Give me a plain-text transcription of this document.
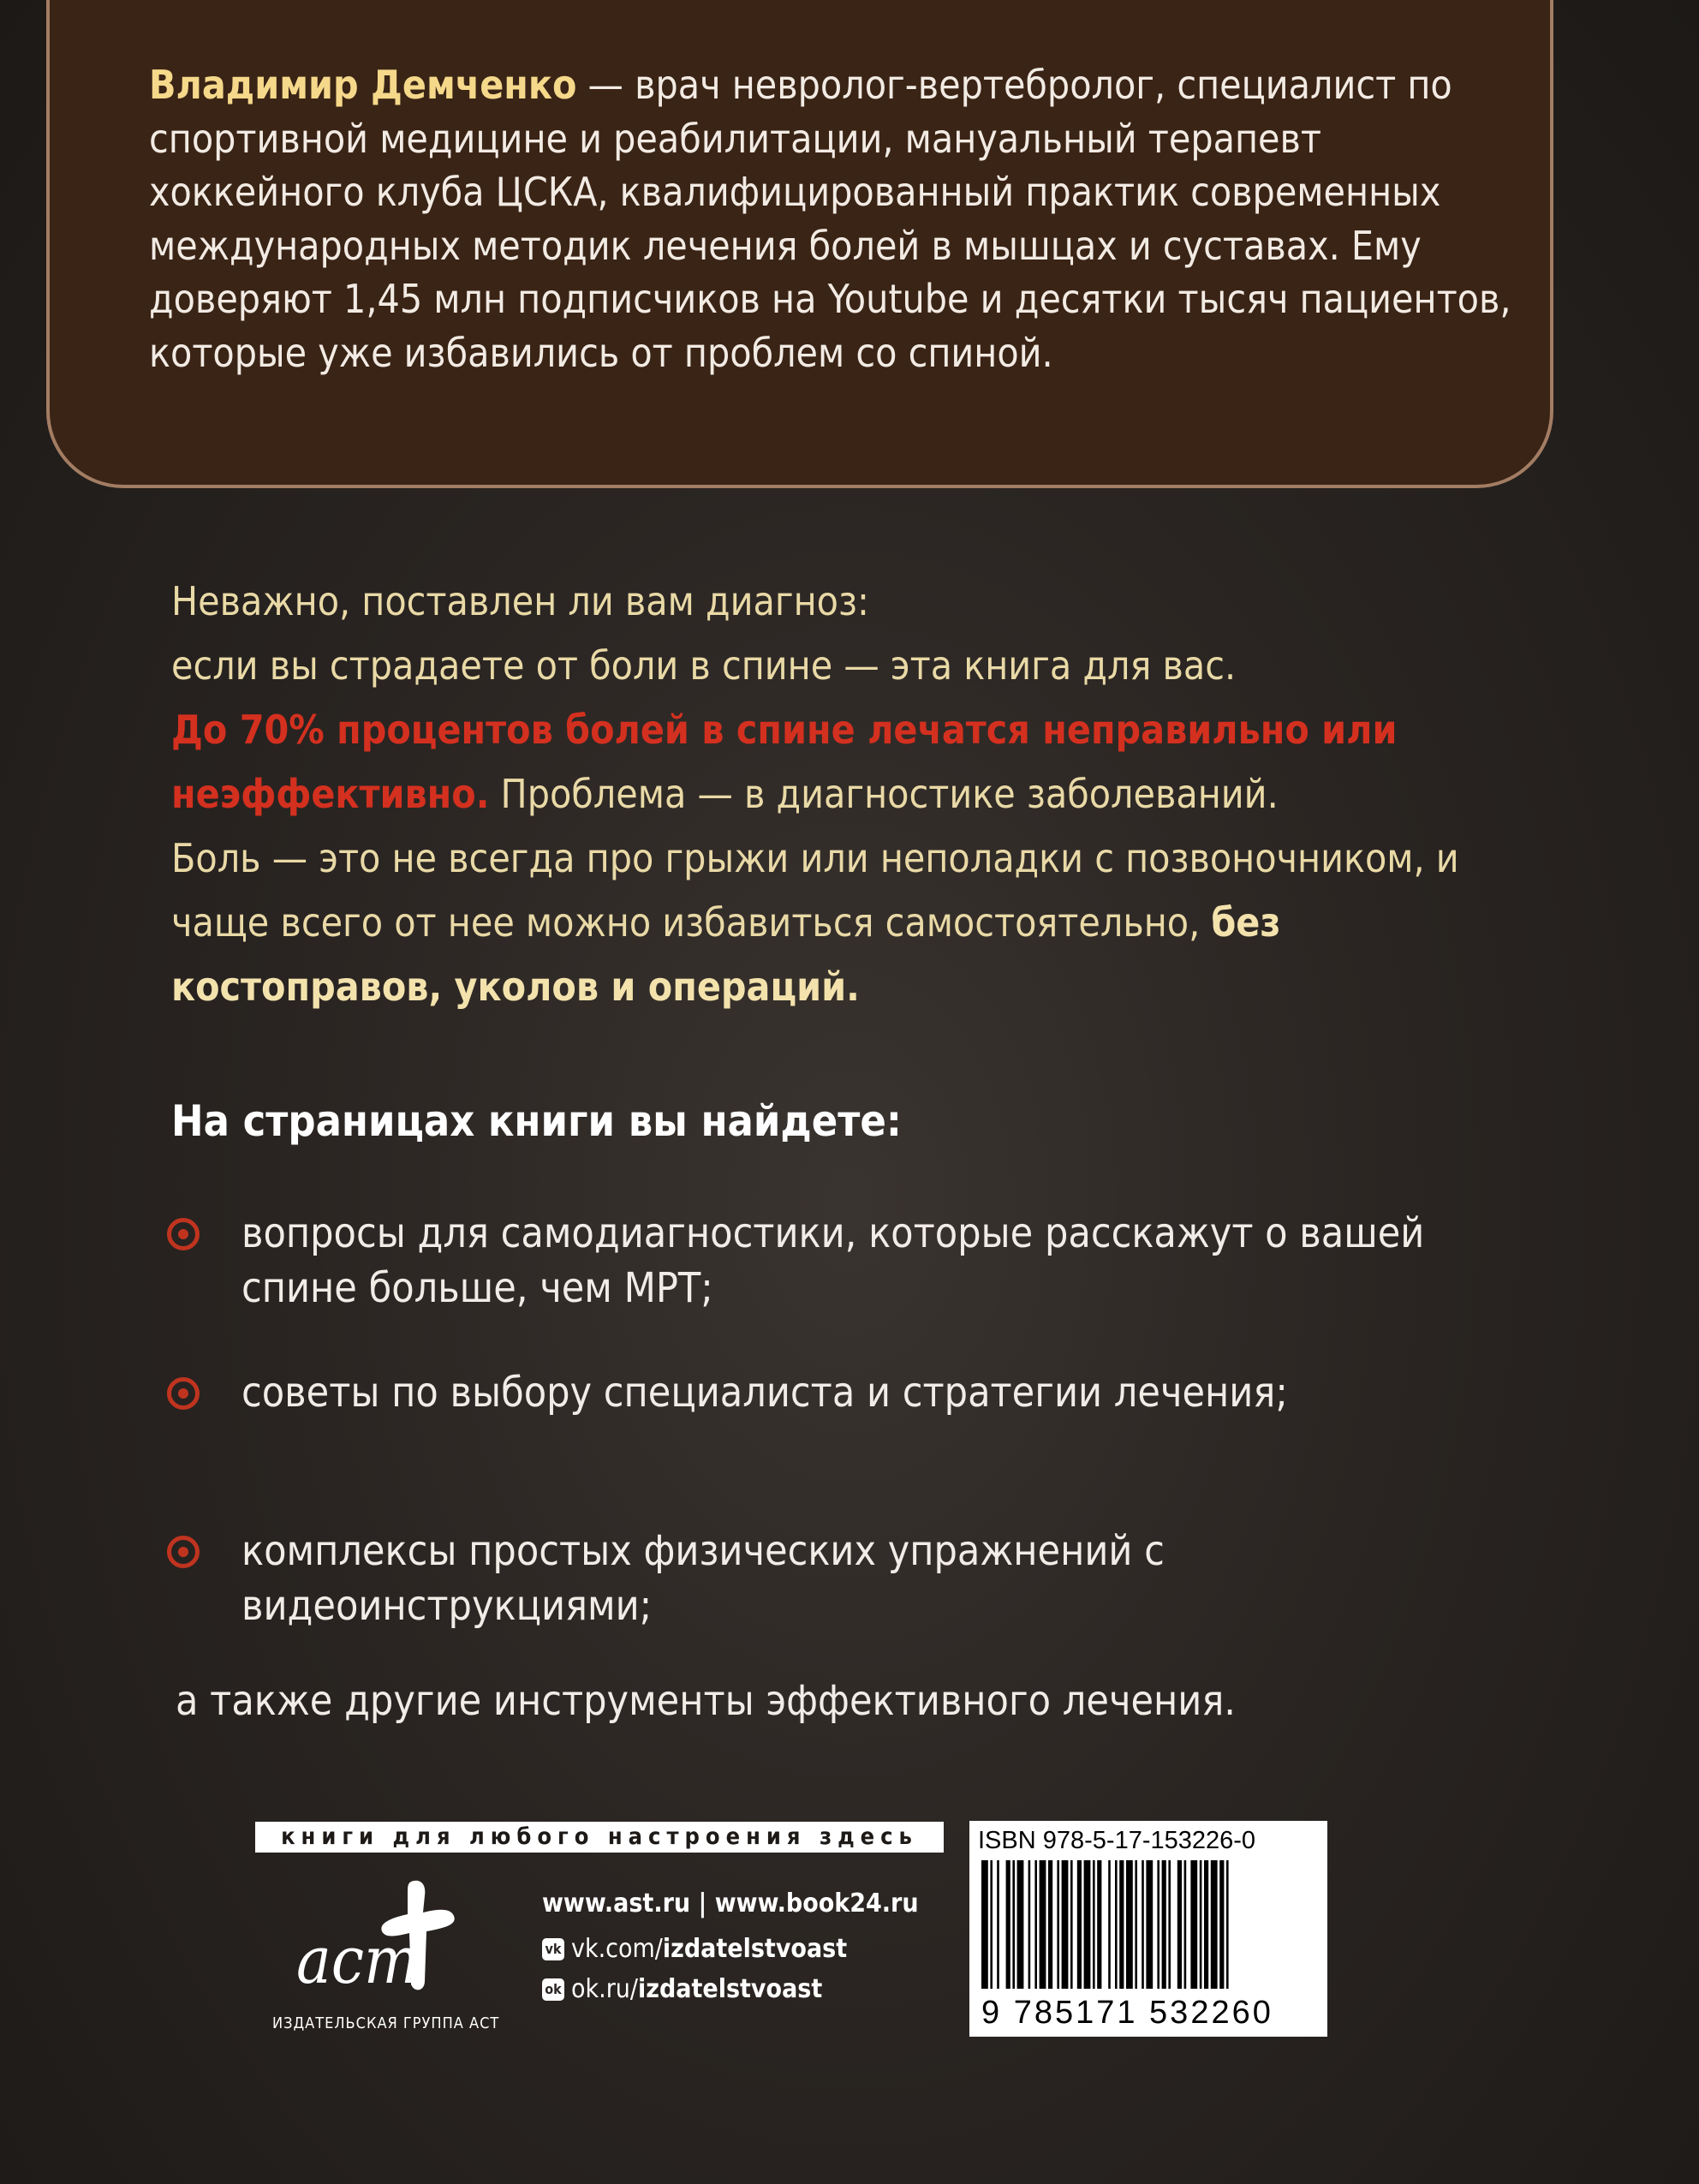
Владимир Демченко — врач невролог-вертебролог, специалист по спортивной медицине и реабилитации, мануальный терапевт хоккейного клуба ЦСКА, квалифицированный практик современных международных методик лечения болей в мышцах и суставах. Ему доверяют 1,45 млн подписчиков на Youtube и десятки тысяч пациентов, которые уже избавились от проблем со спиной.

Неважно, поставлен ли вам диагноз:
если вы страдаете от боли в спине — эта книга для вас.
До 70% процентов болей в спине лечатся неправильно или неэффективно. Проблема — в диагностике заболеваний.
Боль — это не всегда про грыжи или неполадки с позвоночником, и чаще всего от нее можно избавиться самостоятельно, без костоправов, уколов и операций.

На страницах книги вы найдете:

вопросы для самодиагностики, которые расскажут о вашей спине больше, чем МРТ;
советы по выбору специалиста и стратегии лечения;
комплексы простых физических упражнений с видеоинструкциями;

а также другие инструменты эффективного лечения.

книги для любого настроения здесь
аст
ИЗДАТЕЛЬСКАЯ ГРУППА АСТ
www.ast.ru | www.book24.ru
vk vk.com/ izdatelstvoast
ok ok.ru/ izdatelstvoast
ISBN 978-5-17-153226-0
9 785171 532260
